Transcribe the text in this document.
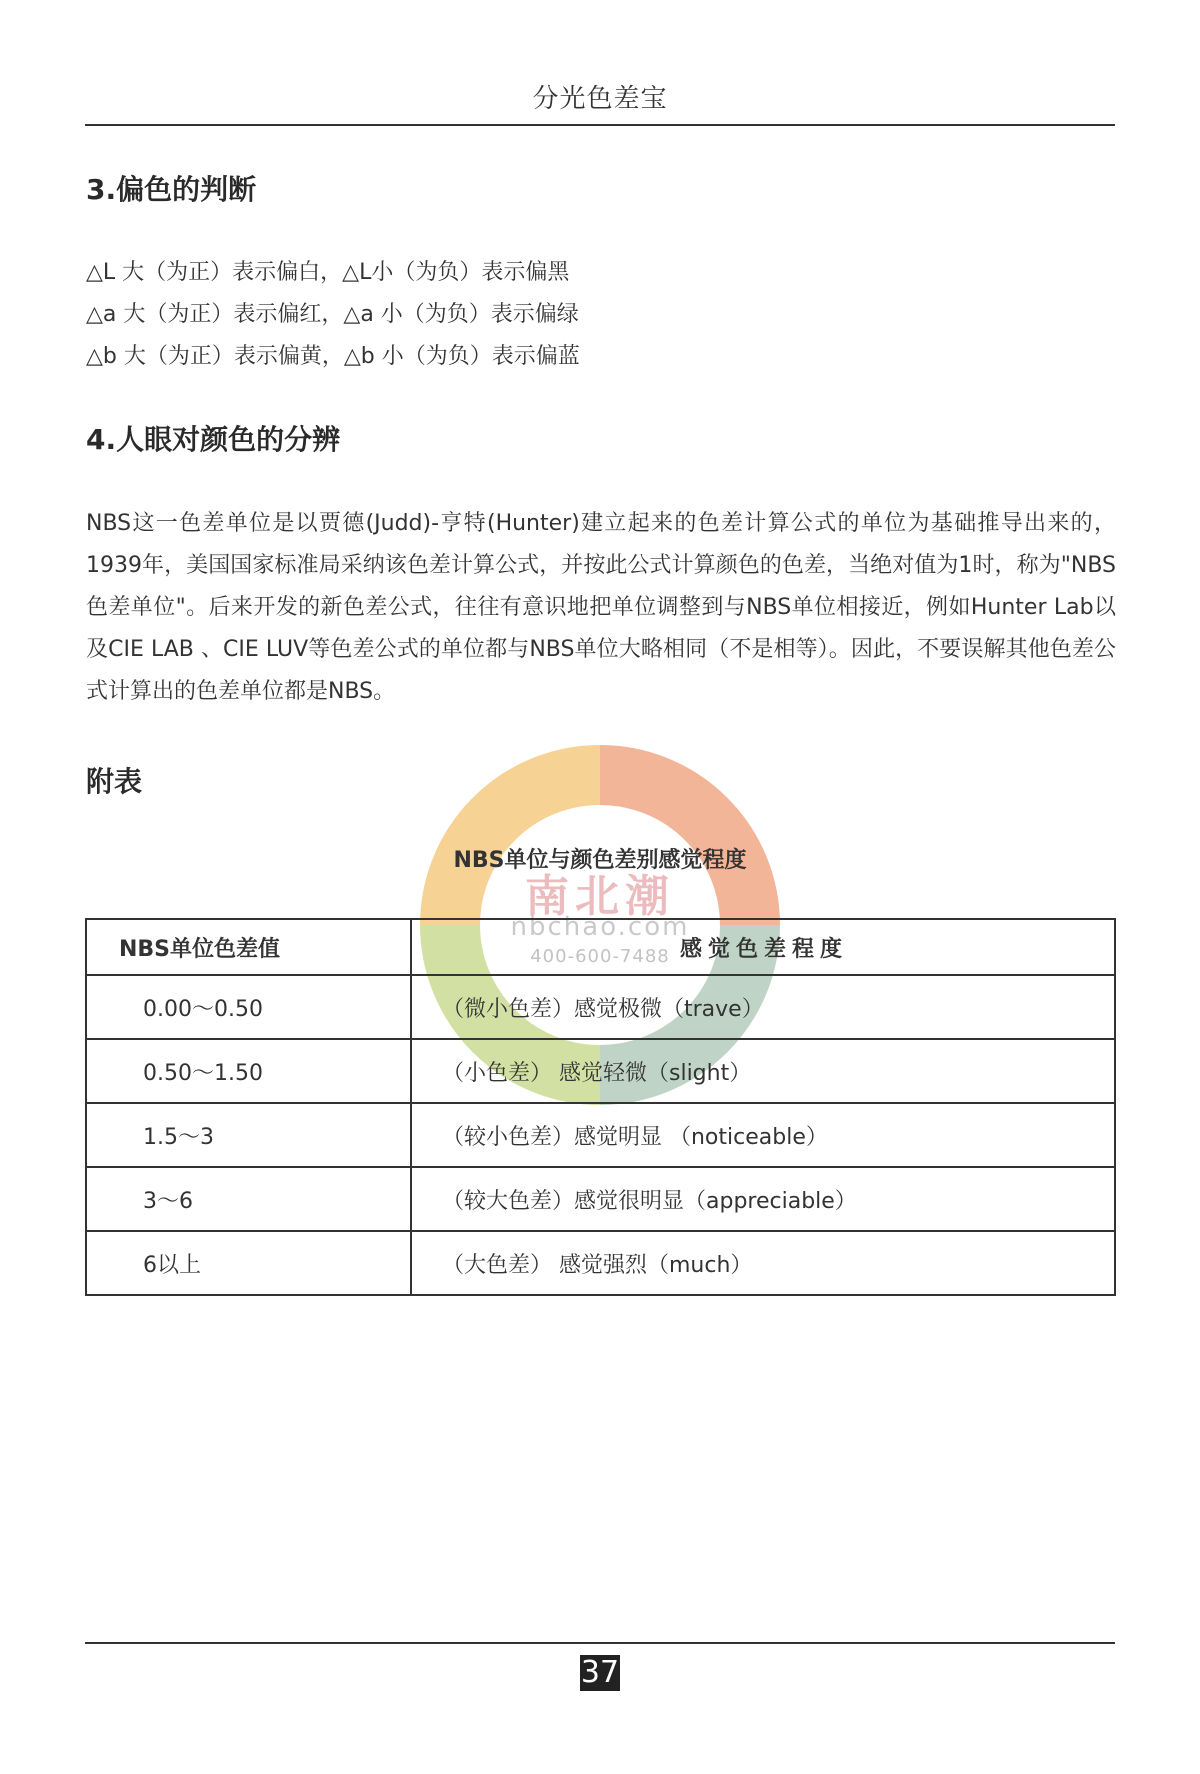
分光色差宝
3.偏色的判断
△L 大（为正）表示偏白，△L小（为负）表示偏黑
△a 大（为正）表示偏红，△a 小（为负）表示偏绿
△b 大（为正）表示偏黄，△b 小（为负）表示偏蓝
4.人眼对颜色的分辨
NBS这一色差单位是以贾德(Judd)-亨特(Hunter)建立起来的色差计算公式的单位为基础推导出来的，1939年，美国国家标准局采纳该色差计算公式，并按此公式计算颜色的色差，当绝对值为1时，称为"NBS色差单位"。后来开发的新色差公式，往往有意识地把单位调整到与NBS单位相接近，例如Hunter Lab以及CIE LAB 、CIE LUV等色差公式的单位都与NBS单位大略相同（不是相等）。因此，不要误解其他色差公式计算出的色差单位都是NBS。
南北潮
nbchao.com
400-600-7488
附表
NBS单位与颜色差别感觉程度
NBS单位色差值	感觉色差程度
0.00～0.50	（微小色差）感觉极微（trave）
0.50～1.50	（小色差） 感觉轻微（slight）
1.5～3	（较小色差）感觉明显 （noticeable）
3～6	（较大色差）感觉很明显（appreciable）
6以上	（大色差） 感觉强烈（much）
37
